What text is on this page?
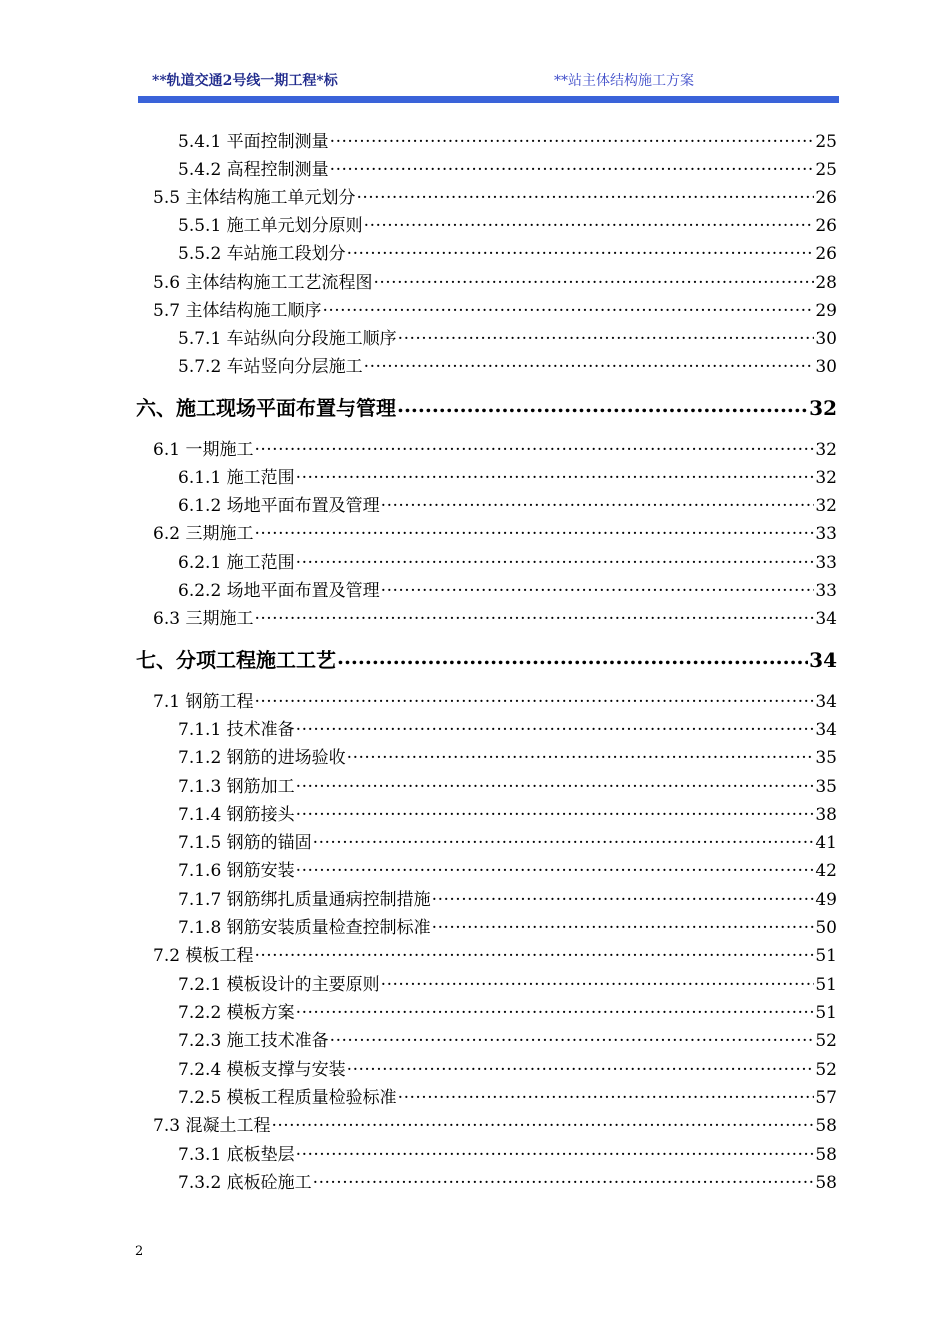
**轨道交通2号线一期工程*标	**站主体结构施工方案
5.4.1 平面控制测量 .....	25
5.4.2 高程控制测量 .....	25
5.5 主体结构施工单元划分 .....	26
5.5.1 施工单元划分原则 .....	26
5.5.2 车站施工段划分 .....	26
5.6 主体结构施工工艺流程图 .....	28
5.7 主体结构施工顺序 .....	29
5.7.1 车站纵向分段施工顺序 .....	30
5.7.2 车站竖向分层施工 .....	30
六、施工现场平面布置与管理 .....	32
6.1 一期施工 .....	32
6.1.1 施工范围 .....	32
6.1.2 场地平面布置及管理 .....	32
6.2 三期施工 .....	33
6.2.1 施工范围 .....	33
6.2.2 场地平面布置及管理 .....	33
6.3 三期施工 .....	34
七、分项工程施工工艺 .....	34
7.1 钢筋工程 .....	34
7.1.1 技术准备 .....	34
7.1.2 钢筋的进场验收 .....	35
7.1.3 钢筋加工 .....	35
7.1.4 钢筋接头 .....	38
7.1.5 钢筋的锚固 .....	41
7.1.6 钢筋安装 .....	42
7.1.7 钢筋绑扎质量通病控制措施 .....	49
7.1.8 钢筋安装质量检查控制标准 .....	50
7.2 模板工程 .....	51
7.2.1 模板设计的主要原则 .....	51
7.2.2 模板方案 .....	51
7.2.3 施工技术准备 .....	52
7.2.4 模板支撑与安装 .....	52
7.2.5 模板工程质量检验标准 .....	57
7.3 混凝土工程 .....	58
7.3.1 底板垫层 .....	58
7.3.2 底板砼施工 .....	58
2
